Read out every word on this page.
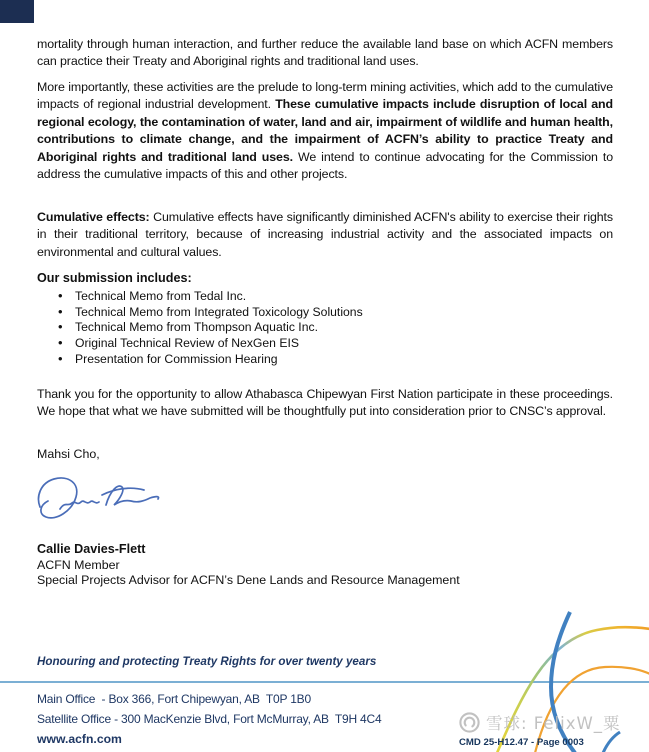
mortality through human interaction, and further reduce the available land base on which ACFN members can practice their Treaty and Aboriginal rights and traditional land uses.
More importantly, these activities are the prelude to long-term mining activities, which add to the cumulative impacts of regional industrial development. These cumulative impacts include disruption of local and regional ecology, the contamination of water, land and air, impairment of wildlife and human health, contributions to climate change, and the impairment of ACFN’s ability to practice Treaty and Aboriginal rights and traditional land uses. We intend to continue advocating for the Commission to address the cumulative impacts of this and other projects.
Cumulative effects: Cumulative effects have significantly diminished ACFN's ability to exercise their rights in their traditional territory, because of increasing industrial activity and the associated impacts on environmental and cultural values.
Our submission includes:
• Technical Memo from Tedal Inc.
• Technical Memo from Integrated Toxicology Solutions
• Technical Memo from Thompson Aquatic Inc.
• Original Technical Review of NexGen EIS
• Presentation for Commission Hearing
Thank you for the opportunity to allow Athabasca Chipewyan First Nation participate in these proceedings. We hope that what we have submitted will be thoughtfully put into consideration prior to CNSC’s approval.
Mahsi Cho,
Callie Davies-Flett
ACFN Member
Special Projects Advisor for ACFN’s Dene Lands and Resource Management
Honouring and protecting Treaty Rights for over twenty years
Main Office  - Box 366, Fort Chipewyan, AB  T0P 1B0
Satellite Office - 300 MacKenzie Blvd, Fort McMurray, AB  T9H 4C4
www.acfn.com
雪球: FelixW_粟
CMD 25-H12.47 - Page 0003
